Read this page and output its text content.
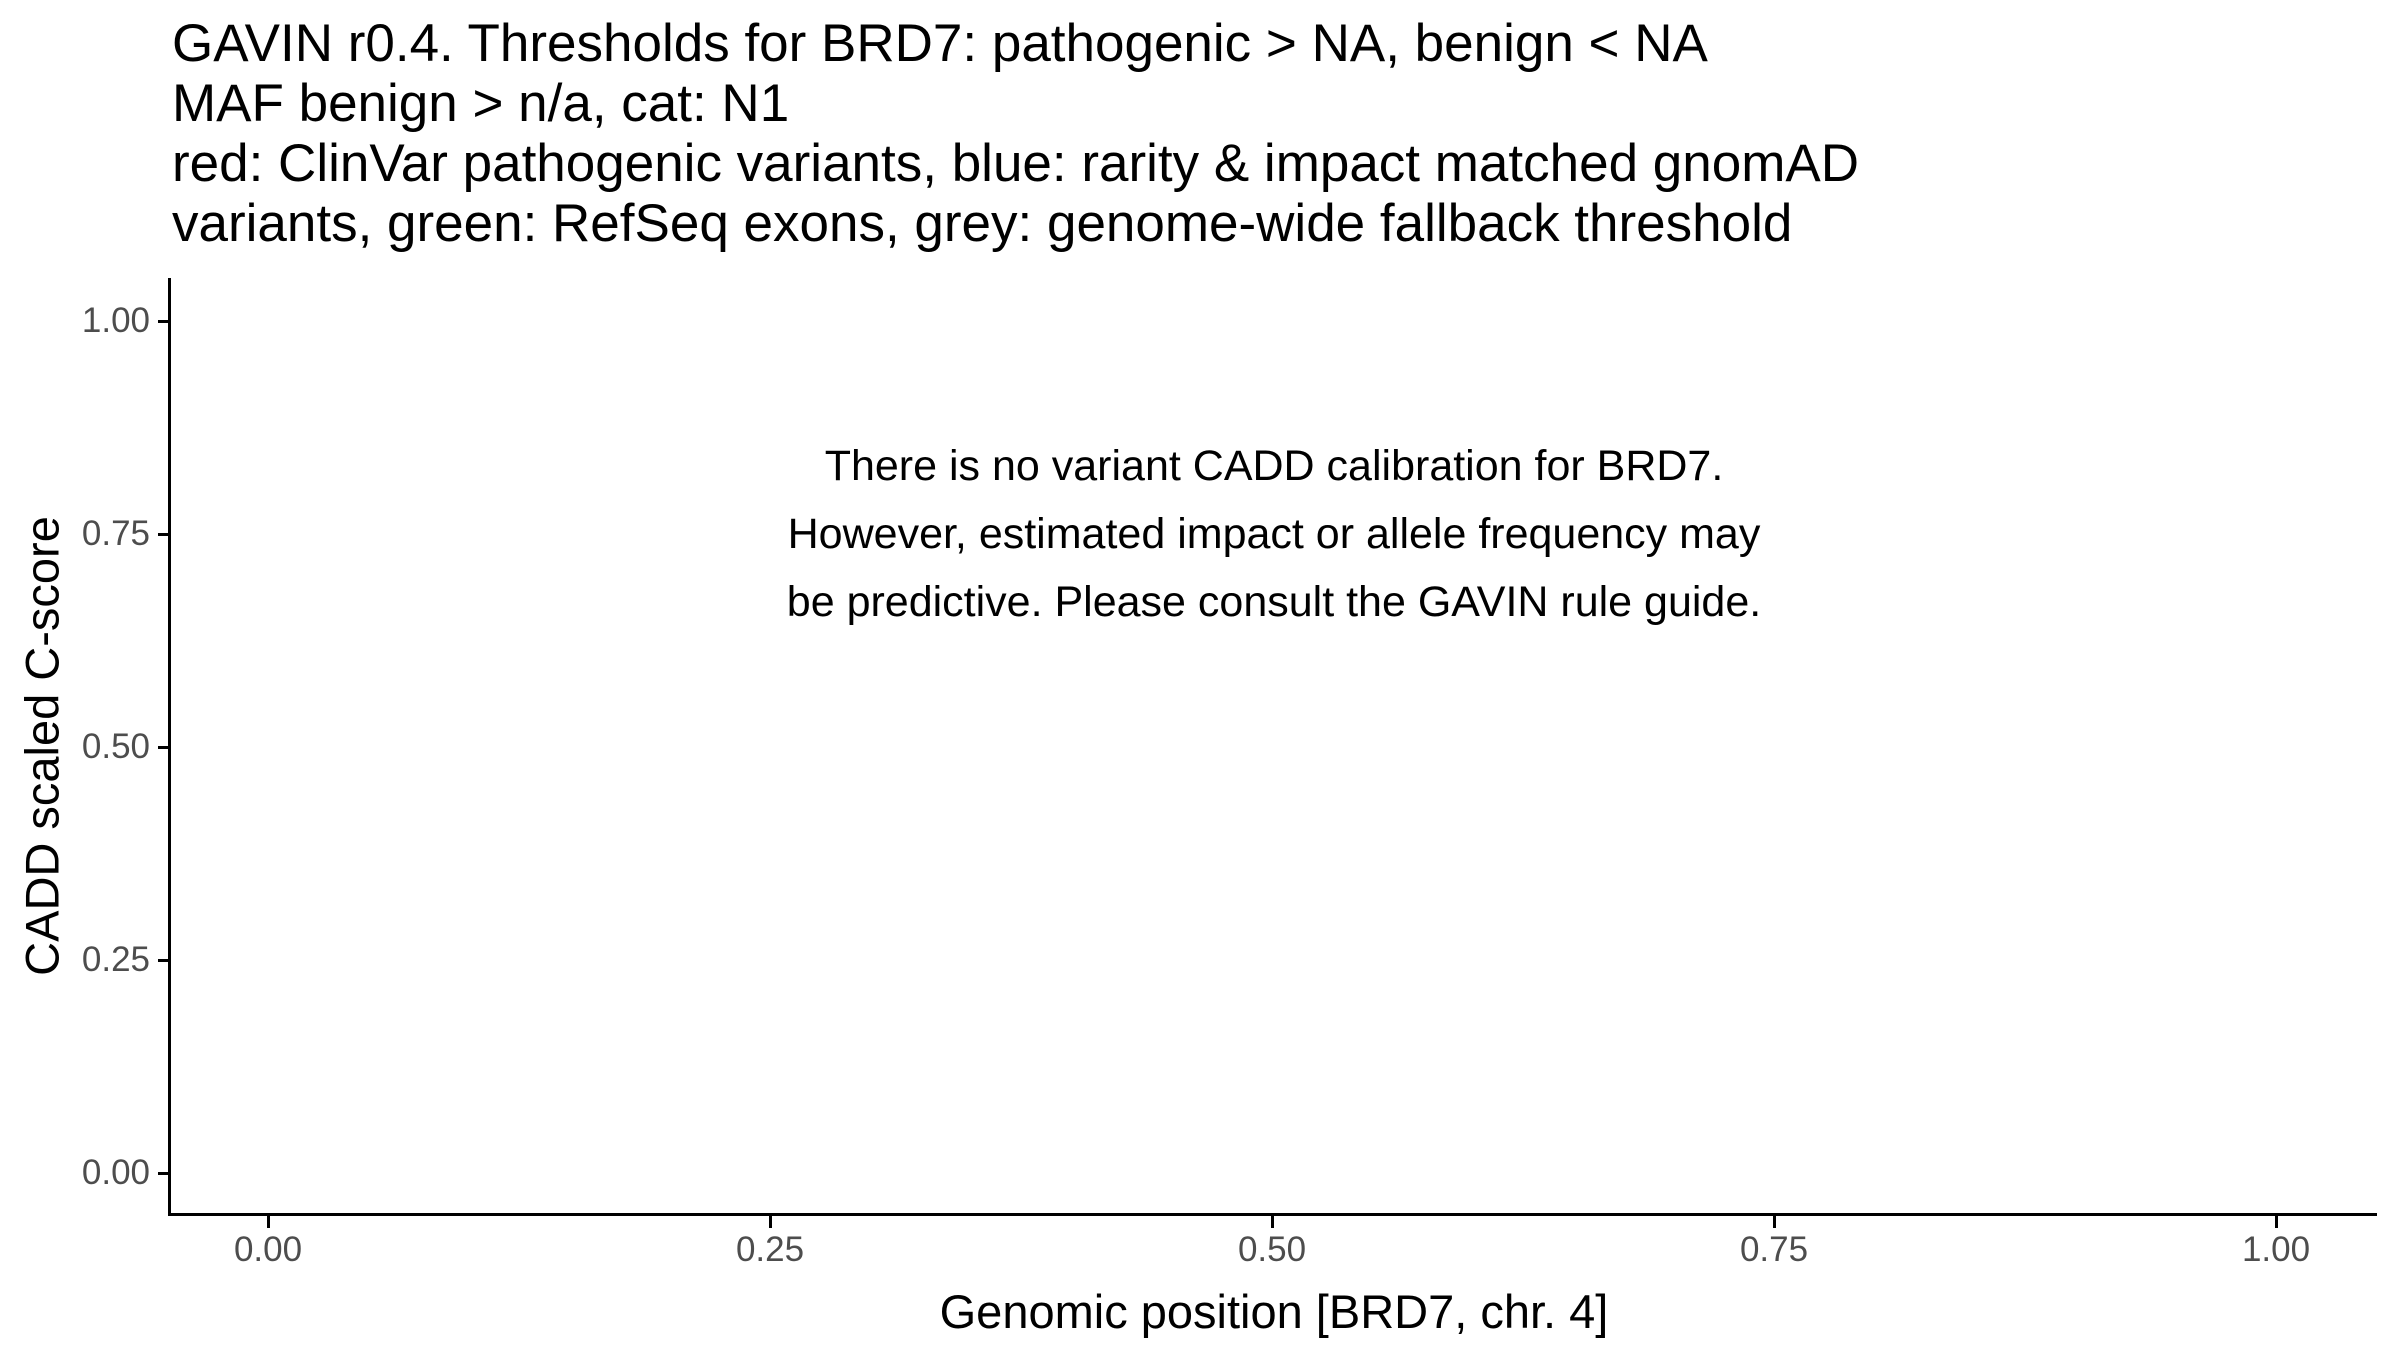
GAVIN r0.4. Thresholds for BRD7: pathogenic > NA, benign < NA
MAF benign > n/a, cat: N1
red: ClinVar pathogenic variants, blue: rarity & impact matched gnomAD
variants, green: RefSeq exons, grey: genome-wide fallback threshold
There is no variant CADD calibration for BRD7.
However, estimated impact or allele frequency may
be predictive. Please consult the GAVIN rule guide.
0.00
0.25
0.50
0.75
1.00
0.00	0.25	0.50	0.75	1.00
CADD scaled C-score
Genomic position [BRD7, chr. 4]
